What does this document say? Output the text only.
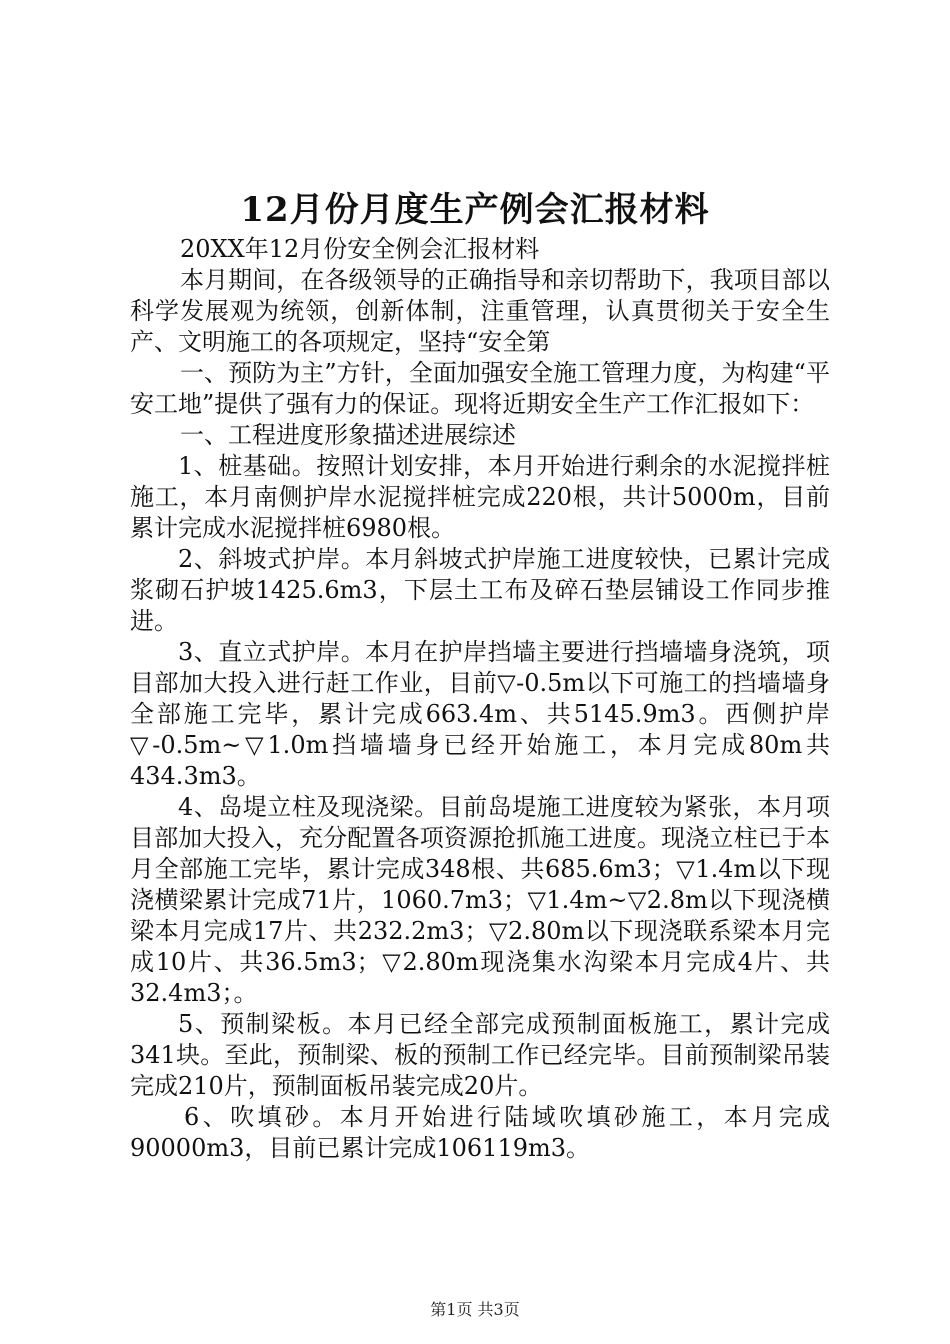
12月份月度生产例会汇报材料

20XX年12月份安全例会汇报材料

本月期间，在各级领导的正确指导和亲切帮助下，我项目部以科学发展观为统领，创新体制，注重管理，认真贯彻关于安全生产、文明施工的各项规定，坚持“安全第

一、预防为主”方针，全面加强安全施工管理力度，为构建“平安工地”提供了强有力的保证。现将近期安全生产工作汇报如下：

一、工程进度形象描述进展综述

1、桩基础。按照计划安排，本月开始进行剩余的水泥搅拌桩施工，本月南侧护岸水泥搅拌桩完成220根，共计5000m，目前累计完成水泥搅拌桩6980根。

2、斜坡式护岸。本月斜坡式护岸施工进度较快，已累计完成浆砌石护坡1425.6m3，下层土工布及碎石垫层铺设工作同步推进。

3、直立式护岸。本月在护岸挡墙主要进行挡墙墙身浇筑，项目部加大投入进行赶工作业，目前▽-0.5m以下可施工的挡墙墙身全部施工完毕，累计完成663.4m、共5145.9m3。西侧护岸▽-0.5m~▽1.0m挡墙墙身已经开始施工，本月完成80m共434.3m3。

4、岛堤立柱及现浇梁。目前岛堤施工进度较为紧张，本月项目部加大投入，充分配置各项资源抢抓施工进度。现浇立柱已于本月全部施工完毕，累计完成348根、共685.6m3；▽1.4m以下现浇横梁累计完成71片，1060.7m3；▽1.4m~▽2.8m以下现浇横梁本月完成17片、共232.2m3；▽2.80m以下现浇联系梁本月完成10片、共36.5m3；▽2.80m现浇集水沟梁本月完成4片、共32.4m3；。

5、预制梁板。本月已经全部完成预制面板施工，累计完成341块。至此，预制梁、板的预制工作已经完毕。目前预制梁吊装完成210片，预制面板吊装完成20片。

6、吹填砂。本月开始进行陆域吹填砂施工，本月完成90000m3，目前已累计完成106119m3。

第1页 共3页
